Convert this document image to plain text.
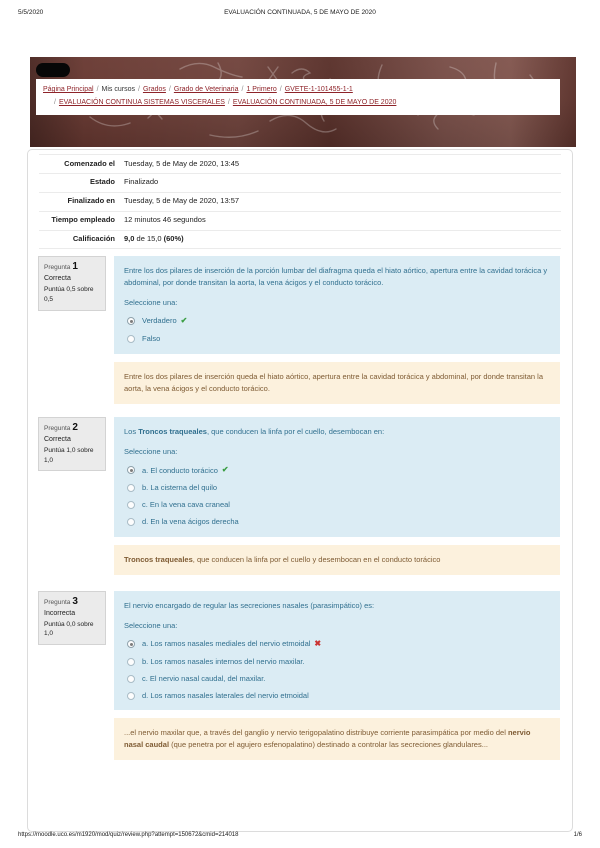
5/5/2020	EVALUACIÓN CONTINUADA, 5 DE MAYO DE 2020
Página Principal / Mis cursos / Grados / Grado de Veterinaria / 1 Primero / GVETE-1-101455-1-1
/ EVALUACIÓN CONTINUA SISTEMAS VISCERALES / EVALUACIÓN CONTINUADA, 5 DE MAYO DE 2020
Comenzado el	Tuesday, 5 de May de 2020, 13:45
Estado	Finalizado
Finalizado en	Tuesday, 5 de May de 2020, 13:57
Tiempo empleado	12 minutos 46 segundos
Calificación	9,0 de 15,0 (60%)
Pregunta 1
Correcta
Puntúa 0,5 sobre 0,5
Entre los dos pilares de inserción de la porción lumbar del diafragma queda el hiato aórtico, apertura entre la cavidad torácica y abdominal, por donde transitan la aorta, la vena ácigos y el conducto torácico.
Seleccione una:
Verdadero ✔
Falso
Entre los dos pilares de inserción queda el hiato aórtico, apertura entre la cavidad torácica y abdominal, por donde transitan la aorta, la vena ácigos y el conducto torácico.
Pregunta 2
Correcta
Puntúa 1,0 sobre 1,0
Los Troncos traqueales, que conducen la linfa por el cuello, desembocan en:
Seleccione una:
a. El conducto torácico ✔
b. La cisterna del quilo
c. En la vena cava craneal
d. En la vena ácigos derecha
Troncos traqueales, que conducen la linfa por el cuello y desembocan en el conducto torácico
Pregunta 3
Incorrecta
Puntúa 0,0 sobre 1,0
El nervio encargado de regular las secreciones nasales (parasimpático) es:
Seleccione una:
a. Los ramos nasales mediales del nervio etmoidal ✖
b. Los ramos nasales internos del nervio maxilar.
c. El nervio nasal caudal, del maxilar.
d. Los ramos nasales laterales del nervio etmoidal
...el nervio maxilar que, a través del ganglio y nervio terigopalatino distribuye corriente parasimpática por medio del nervio nasal caudal (que penetra por el agujero esfenopalatino) destinado a controlar las secreciones glandulares...
https://moodle.uco.es/m1920/mod/quiz/review.php?attempt=150672&cmid=214018	1/6
